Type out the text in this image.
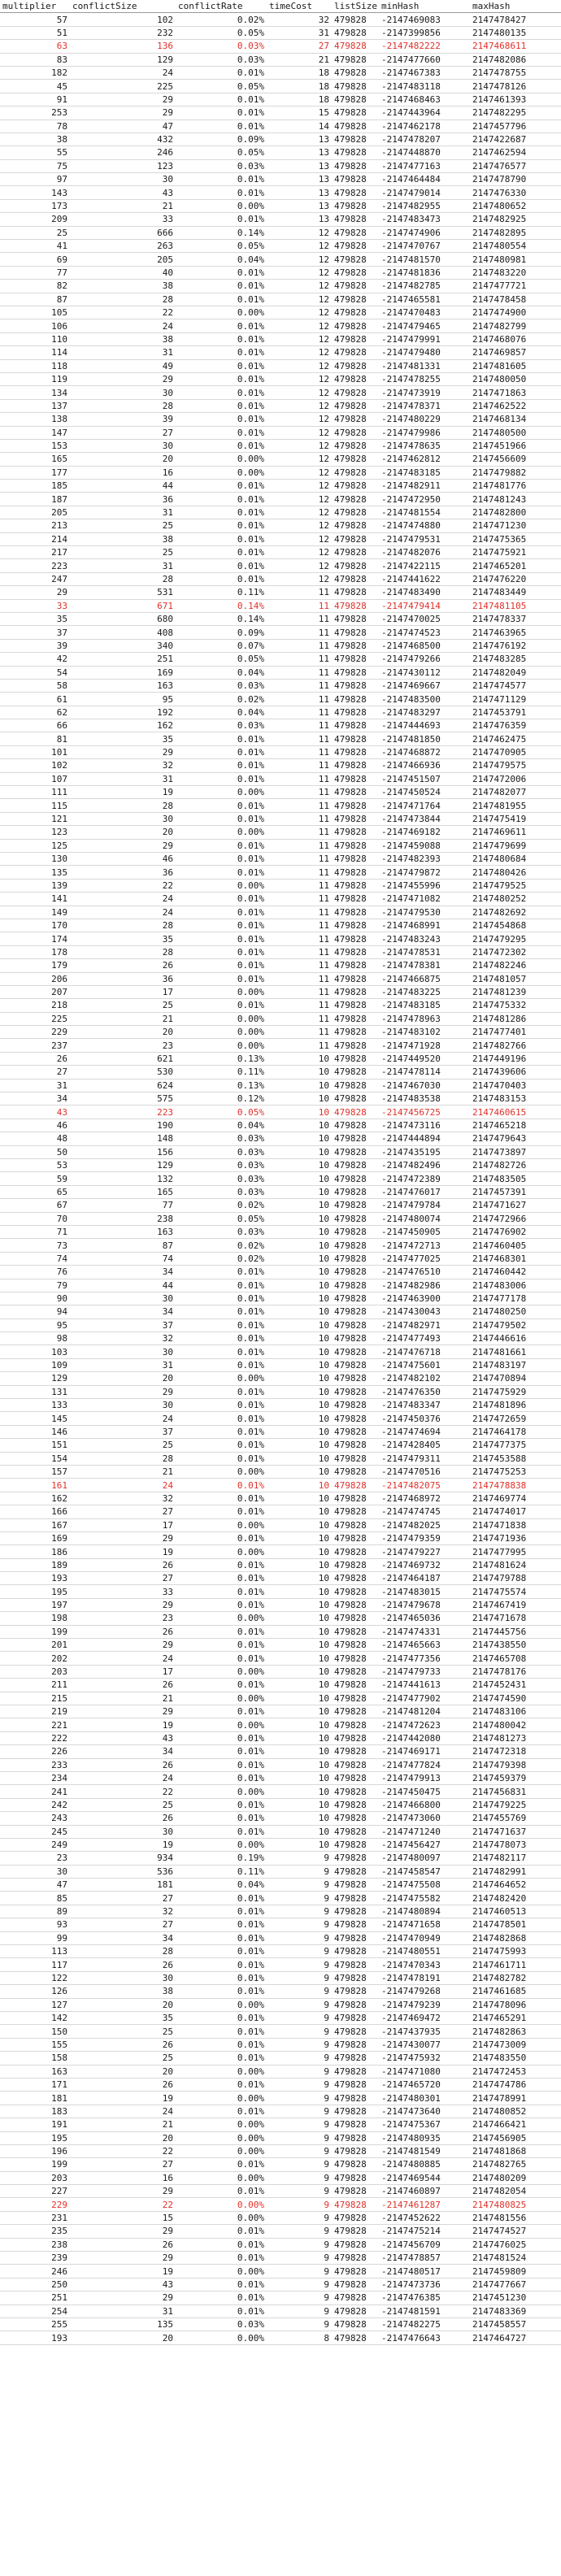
multiplier	conflictSize	conflictRate	timeCost	listSize	minHash	maxHash
57	102	0.02%	32	479828	-2147469083	2147478427
51	232	0.05%	31	479828	-2147399856	2147480135
63	136	0.03%	27	479828	-2147482222	2147468611
83	129	0.03%	21	479828	-2147477660	2147482086
182	24	0.01%	18	479828	-2147467383	2147478755
45	225	0.05%	18	479828	-2147483118	2147478126
91	29	0.01%	18	479828	-2147468463	2147461393
253	29	0.01%	15	479828	-2147443964	2147482295
78	47	0.01%	14	479828	-2147462178	2147457796
38	432	0.09%	13	479828	-2147478207	2147422687
55	246	0.05%	13	479828	-2147448870	2147462594
75	123	0.03%	13	479828	-2147477163	2147476577
97	30	0.01%	13	479828	-2147464484	2147478790
143	43	0.01%	13	479828	-2147479014	2147476330
173	21	0.00%	13	479828	-2147482955	2147480652
209	33	0.01%	13	479828	-2147483473	2147482925
25	666	0.14%	12	479828	-2147474906	2147482895
41	263	0.05%	12	479828	-2147470767	2147480554
69	205	0.04%	12	479828	-2147481570	2147480981
77	40	0.01%	12	479828	-2147481836	2147483220
82	38	0.01%	12	479828	-2147482785	2147477721
87	28	0.01%	12	479828	-2147465581	2147478458
105	22	0.00%	12	479828	-2147470483	2147474900
106	24	0.01%	12	479828	-2147479465	2147482799
110	38	0.01%	12	479828	-2147479991	2147468076
114	31	0.01%	12	479828	-2147479480	2147469857
118	49	0.01%	12	479828	-2147481331	2147481605
119	29	0.01%	12	479828	-2147478255	2147480050
134	30	0.01%	12	479828	-2147473919	2147471863
137	28	0.01%	12	479828	-2147478371	2147462522
138	39	0.01%	12	479828	-2147480229	2147468134
147	27	0.01%	12	479828	-2147479986	2147480500
153	30	0.01%	12	479828	-2147478635	2147451966
165	20	0.00%	12	479828	-2147462812	2147456609
177	16	0.00%	12	479828	-2147483185	2147479882
185	44	0.01%	12	479828	-2147482911	2147481776
187	36	0.01%	12	479828	-2147472950	2147481243
205	31	0.01%	12	479828	-2147481554	2147482800
213	25	0.01%	12	479828	-2147474880	2147471230
214	38	0.01%	12	479828	-2147479531	2147475365
217	25	0.01%	12	479828	-2147482076	2147475921
223	31	0.01%	12	479828	-2147422115	2147465201
247	28	0.01%	12	479828	-2147441622	2147476220
29	531	0.11%	11	479828	-2147483490	2147483449
33	671	0.14%	11	479828	-2147479414	2147481105
35	680	0.14%	11	479828	-2147470025	2147478337
37	408	0.09%	11	479828	-2147474523	2147463965
39	340	0.07%	11	479828	-2147468500	2147476192
42	251	0.05%	11	479828	-2147479266	2147483285
54	169	0.04%	11	479828	-2147430112	2147482049
58	163	0.03%	11	479828	-2147469667	2147474577
61	95	0.02%	11	479828	-2147483500	2147471129
62	192	0.04%	11	479828	-2147483297	2147453791
66	162	0.03%	11	479828	-2147444693	2147476359
81	35	0.01%	11	479828	-2147481850	2147462475
101	29	0.01%	11	479828	-2147468872	2147470905
102	32	0.01%	11	479828	-2147466936	2147479575
107	31	0.01%	11	479828	-2147451507	2147472006
111	19	0.00%	11	479828	-2147450524	2147482077
115	28	0.01%	11	479828	-2147471764	2147481955
121	30	0.01%	11	479828	-2147473844	2147475419
123	20	0.00%	11	479828	-2147469182	2147469611
125	29	0.01%	11	479828	-2147459088	2147479699
130	46	0.01%	11	479828	-2147482393	2147480684
135	36	0.01%	11	479828	-2147479872	2147480426
139	22	0.00%	11	479828	-2147455996	2147479525
141	24	0.01%	11	479828	-2147471082	2147480252
149	24	0.01%	11	479828	-2147479530	2147482692
170	28	0.01%	11	479828	-2147468991	2147454868
174	35	0.01%	11	479828	-2147483243	2147479295
178	28	0.01%	11	479828	-2147478531	2147472302
179	26	0.01%	11	479828	-2147478381	2147482246
206	36	0.01%	11	479828	-2147466875	2147481057
207	17	0.00%	11	479828	-2147483225	2147481239
218	25	0.01%	11	479828	-2147483185	2147475332
225	21	0.00%	11	479828	-2147478963	2147481286
229	20	0.00%	11	479828	-2147483102	2147477401
237	23	0.00%	11	479828	-2147471928	2147482766
26	621	0.13%	10	479828	-2147449520	2147449196
27	530	0.11%	10	479828	-2147478114	2147439606
31	624	0.13%	10	479828	-2147467030	2147470403
34	575	0.12%	10	479828	-2147483538	2147483153
43	223	0.05%	10	479828	-2147456725	2147460615
46	190	0.04%	10	479828	-2147473116	2147465218
48	148	0.03%	10	479828	-2147444894	2147479643
50	156	0.03%	10	479828	-2147435195	2147473897
53	129	0.03%	10	479828	-2147482496	2147482726
59	132	0.03%	10	479828	-2147472389	2147483505
65	165	0.03%	10	479828	-2147476017	2147457391
67	77	0.02%	10	479828	-2147479784	2147471627
70	238	0.05%	10	479828	-2147480074	2147472966
71	163	0.03%	10	479828	-2147450905	2147476902
73	87	0.02%	10	479828	-2147472713	2147460405
74	74	0.02%	10	479828	-2147477025	2147468301
76	34	0.01%	10	479828	-2147476510	2147460442
79	44	0.01%	10	479828	-2147482986	2147483006
90	30	0.01%	10	479828	-2147463900	2147477178
94	34	0.01%	10	479828	-2147430043	2147480250
95	37	0.01%	10	479828	-2147482971	2147479502
98	32	0.01%	10	479828	-2147477493	2147446616
103	30	0.01%	10	479828	-2147476718	2147481661
109	31	0.01%	10	479828	-2147475601	2147483197
129	20	0.00%	10	479828	-2147482102	2147470894
131	29	0.01%	10	479828	-2147476350	2147475929
133	30	0.01%	10	479828	-2147483347	2147481896
145	24	0.01%	10	479828	-2147450376	2147472659
146	37	0.01%	10	479828	-2147474694	2147464178
151	25	0.01%	10	479828	-2147428405	2147477375
154	28	0.01%	10	479828	-2147479311	2147453588
157	21	0.00%	10	479828	-2147470516	2147475253
161	24	0.01%	10	479828	-2147482075	2147478838
162	32	0.01%	10	479828	-2147468972	2147469774
166	27	0.01%	10	479828	-2147474745	2147474017
167	17	0.00%	10	479828	-2147482025	2147471838
169	29	0.01%	10	479828	-2147479359	2147471936
186	19	0.00%	10	479828	-2147479227	2147477995
189	26	0.01%	10	479828	-2147469732	2147481624
193	27	0.01%	10	479828	-2147464187	2147479788
195	33	0.01%	10	479828	-2147483015	2147475574
197	29	0.01%	10	479828	-2147479678	2147467419
198	23	0.00%	10	479828	-2147465036	2147471678
199	26	0.01%	10	479828	-2147474331	2147445756
201	29	0.01%	10	479828	-2147465663	2147438550
202	24	0.01%	10	479828	-2147477356	2147465708
203	17	0.00%	10	479828	-2147479733	2147478176
211	26	0.01%	10	479828	-2147441613	2147452431
215	21	0.00%	10	479828	-2147477902	2147474590
219	29	0.01%	10	479828	-2147481204	2147483106
221	19	0.00%	10	479828	-2147472623	2147480042
222	43	0.01%	10	479828	-2147442080	2147481273
226	34	0.01%	10	479828	-2147469171	2147472318
233	26	0.01%	10	479828	-2147477824	2147479398
234	24	0.01%	10	479828	-2147479913	2147459379
241	22	0.00%	10	479828	-2147450475	2147456831
242	25	0.01%	10	479828	-2147466800	2147479225
243	26	0.01%	10	479828	-2147473060	2147455769
245	30	0.01%	10	479828	-2147471240	2147471637
249	19	0.00%	10	479828	-2147456427	2147478073
23	934	0.19%	9	479828	-2147480097	2147482117
30	536	0.11%	9	479828	-2147458547	2147482991
47	181	0.04%	9	479828	-2147475508	2147464652
85	27	0.01%	9	479828	-2147475582	2147482420
89	32	0.01%	9	479828	-2147480894	2147460513
93	27	0.01%	9	479828	-2147471658	2147478501
99	34	0.01%	9	479828	-2147470949	2147482868
113	28	0.01%	9	479828	-2147480551	2147475993
117	26	0.01%	9	479828	-2147470343	2147461711
122	30	0.01%	9	479828	-2147478191	2147482782
126	38	0.01%	9	479828	-2147479268	2147461685
127	20	0.00%	9	479828	-2147479239	2147478096
142	35	0.01%	9	479828	-2147469472	2147465291
150	25	0.01%	9	479828	-2147437935	2147482863
155	26	0.01%	9	479828	-2147430077	2147473009
158	25	0.01%	9	479828	-2147475932	2147483550
163	20	0.00%	9	479828	-2147471080	2147472453
171	26	0.01%	9	479828	-2147465720	2147474786
181	19	0.00%	9	479828	-2147480301	2147478991
183	24	0.01%	9	479828	-2147473640	2147480852
191	21	0.00%	9	479828	-2147475367	2147466421
195	20	0.00%	9	479828	-2147480935	2147456905
196	22	0.00%	9	479828	-2147481549	2147481868
199	27	0.01%	9	479828	-2147480885	2147482765
203	16	0.00%	9	479828	-2147469544	2147480209
227	29	0.01%	9	479828	-2147460897	2147482054
229	22	0.00%	9	479828	-2147461287	2147480825
231	15	0.00%	9	479828	-2147452622	2147481556
235	29	0.01%	9	479828	-2147475214	2147474527
238	26	0.01%	9	479828	-2147456709	2147476025
239	29	0.01%	9	479828	-2147478857	2147481524
246	19	0.00%	9	479828	-2147480517	2147459809
250	43	0.01%	9	479828	-2147473736	2147477667
251	29	0.01%	9	479828	-2147476385	2147451230
254	31	0.01%	9	479828	-2147481591	2147483369
255	135	0.03%	9	479828	-2147482275	2147458557
193	20	0.00%	8	479828	-2147476643	2147464727
